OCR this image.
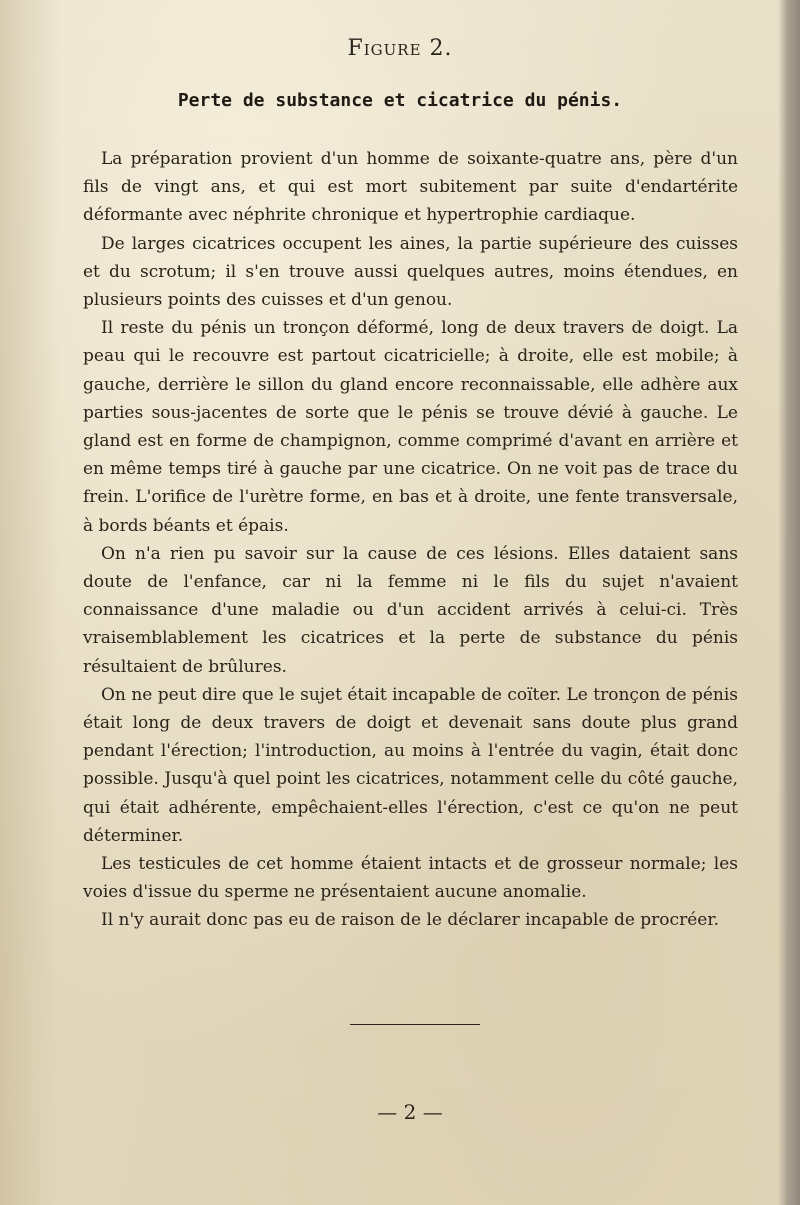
Figure 2.
Perte de substance et cicatrice du pénis.

La préparation provient d'un homme de soixante-quatre ans, père d'un fils de vingt ans, et qui est mort subitement par suite d'endartérite déformante avec néphrite chronique et hypertrophie cardiaque.

De larges cicatrices occupent les aines, la partie supérieure des cuisses et du scrotum; il s'en trouve aussi quelques autres, moins étendues, en plusieurs points des cuisses et d'un genou.

Il reste du pénis un tronçon déformé, long de deux travers de doigt. La peau qui le recouvre est partout cicatricielle; à droite, elle est mobile; à gauche, derrière le sillon du gland encore reconnaissable, elle adhère aux parties sous-jacentes de sorte que le pénis se trouve dévié à gauche. Le gland est en forme de champignon, comme comprimé d'avant en arrière et en même temps tiré à gauche par une cicatrice. On ne voit pas de trace du frein. L'orifice de l'urètre forme, en bas et à droite, une fente transversale, à bords béants et épais.

On n'a rien pu savoir sur la cause de ces lésions. Elles dataient sans doute de l'enfance, car ni la femme ni le fils du sujet n'avaient connaissance d'une maladie ou d'un accident arrivés à celui-ci. Très vraisemblablement les cicatrices et la perte de substance du pénis résultaient de brûlures.

On ne peut dire que le sujet était incapable de coïter. Le tronçon de pénis était long de deux travers de doigt et devenait sans doute plus grand pendant l'érection; l'introduction, au moins à l'entrée du vagin, était donc possible. Jusqu'à quel point les cicatrices, notamment celle du côté gauche, qui était adhérente, empêchaient-elles l'érection, c'est ce qu'on ne peut déterminer.

Les testicules de cet homme étaient intacts et de grosseur normale; les voies d'issue du sperme ne présentaient aucune anomalie.

Il n'y aurait donc pas eu de raison de le déclarer incapable de procréer.

— 2 —
